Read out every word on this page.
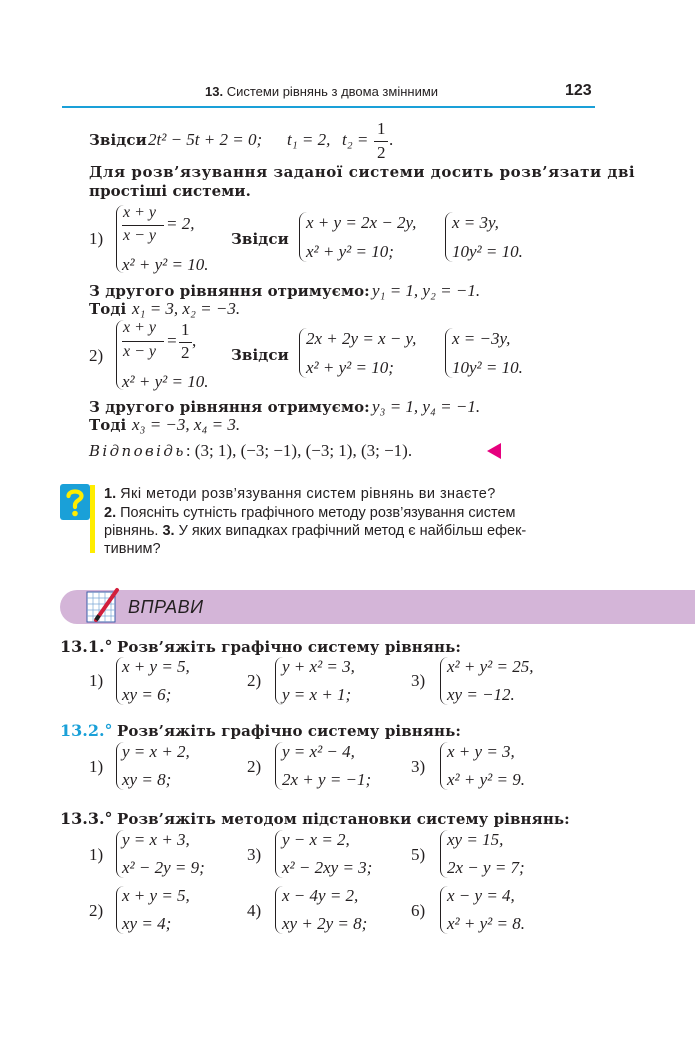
13. Системи рівнянь з двома змінними	123
Звідси 2t² − 5t + 2 = 0; t₁ = 2, t₂ =
1
2
.
Для розв’язування заданої системи досить розв’язати дві
простіші системи.
1)
x + y
x − y
= 2,
x² + y² = 10.
Звідси
x + y = 2x − 2y,
x² + y² = 10;
x = 3y,
10y² = 10.
З другого рівняння отримуємо: y₁ = 1, y₂ = −1.
Тоді x₁ = 3, x₂ = −3.
2)
x + y
x − y
=
1
2
,
x² + y² = 10.
Звідси
2x + 2y = x − y,
x² + y² = 10;
x = −3y,
10y² = 10.
З другого рівняння отримуємо: y₃ = 1, y₄ = −1.
Тоді x₃ = −3, x₄ = 3.
Відповідь: (3; 1), (−3; −1), (−3; 1), (3; −1).
1. Які методи розв’язування систем рівнянь ви знаєте?
2. Поясніть сутність графічного методу розв’язування систем
рівнянь. 3. У яких випадках графічний метод є найбільш ефек-
тивним?
ВПРАВИ
13.1.° Розв’яжіть графічно систему рівнянь:
1)
x + y = 5,
xy = 6;
2)
y + x² = 3,
y = x + 1;
3)
x² + y² = 25,
xy = −12.
13.2.° Розв’яжіть графічно систему рівнянь:
1)
y = x + 2,
xy = 8;
2)
y = x² − 4,
2x + y = −1;
3)
x + y = 3,
x² + y² = 9.
13.3.° Розв’яжіть методом підстановки систему рівнянь:
1)
y = x + 3,
x² − 2y = 9;
3)
y − x = 2,
x² − 2xy = 3;
5)
xy = 15,
2x − y = 7;
2)
x + y = 5,
xy = 4;
4)
x − 4y = 2,
xy + 2y = 8;
6)
x − y = 4,
x² + y² = 8.
